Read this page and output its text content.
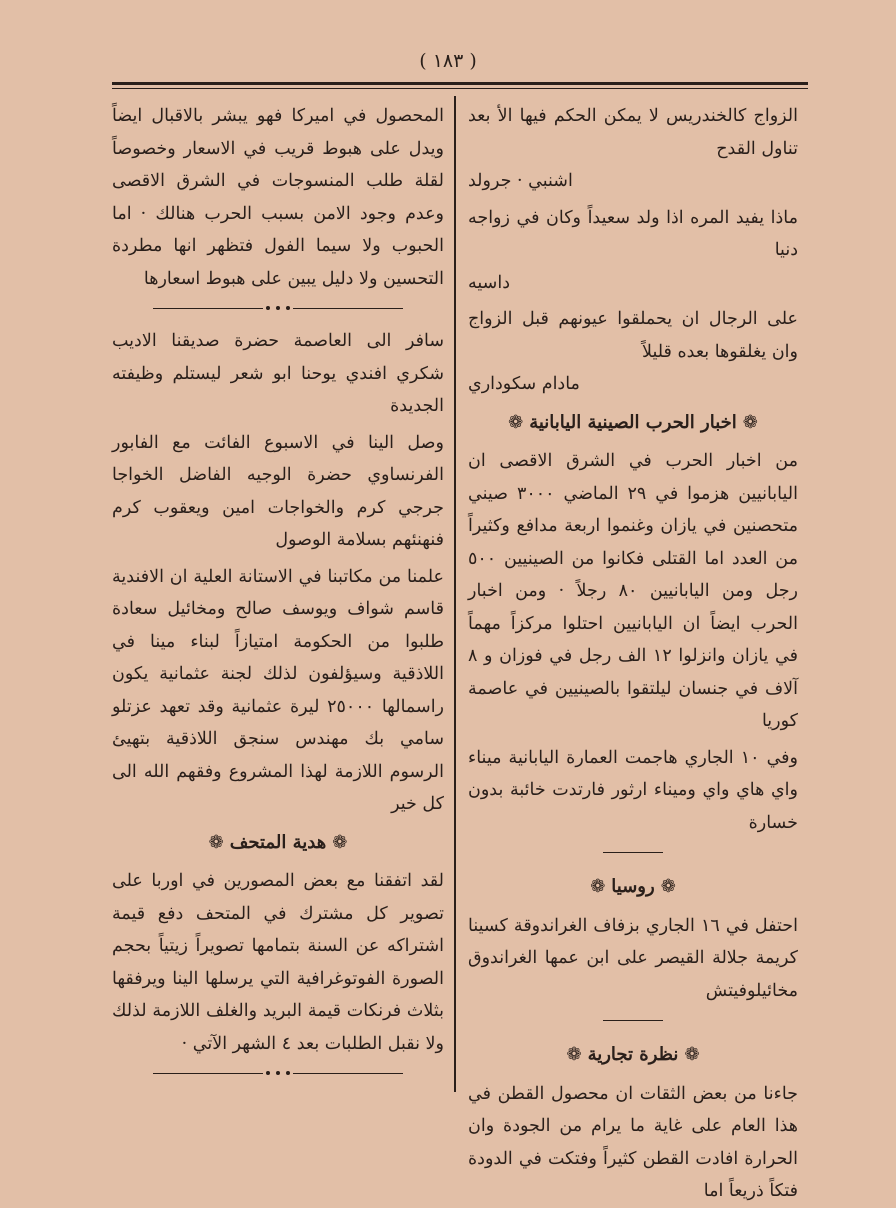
( ١٨٣ )

الزواج كالخندريس لا يمكن الحكم فيها الأ بعد تناول القدح
اشنبي · جرولد

ماذا يفيد المره اذا ولد سعيداً وكان في زواجه دنيا
داسيه

على الرجال ان يحملقوا عيونهم قبل الزواج وان يغلقوها بعده قليلاً
مادام سكوداري

❁اخبار الحرب الصينية اليابانية❁

من اخبار الحرب في الشرق الاقصى ان اليابانيين هزموا في ٢٩ الماضي ٣٠٠٠ صيني متحصنين في يازان وغنموا اربعة مدافع وكثيراً من العدد اما القتلى فكانوا من الصينيين ٥٠٠ رجل ومن اليابانيين ٨٠ رجلاً · ومن اخبار الحرب ايضاً ان اليابانيين احتلوا مركزاً مهماً في يازان وانزلوا ١٢ الف رجل في فوزان و ٨ آلاف في جنسان ليلتقوا بالصينيين في عاصمة كوريا

وفي ١٠ الجاري هاجمت العمارة اليابانية ميناء واي هاي واي وميناء ارثور فارتدت خائبة بدون خسارة

❁روسيا❁

احتفل في ١٦ الجاري بزفاف الغراندوقة كسينا كريمة جلالة القيصر على ابن عمها الغراندوق مخائيلوفيتش

❁نظرة تجارية❁

جاءنا من بعض الثقات ان محصول القطن في هذا العام على غاية ما يرام من الجودة وان الحرارة افادت القطن كثيراً وفتكت في الدودة فتكاً ذريعاً اما

المحصول في اميركا فهو يبشر بالاقبال ايضاً ويدل على هبوط قريب في الاسعار وخصوصاً لقلة طلب المنسوجات في الشرق الاقصى وعدم وجود الامن بسبب الحرب هنالك · اما الحبوب ولا سيما الفول فتظهر انها مطردة التحسين ولا دليل يبين على هبوط اسعارها

سافر الى العاصمة حضرة صديقنا الاديب شكري افندي يوحنا ابو شعر ليستلم وظيفته الجديدة

وصل الينا في الاسبوع الفائت مع الفابور الفرنساوي حضرة الوجيه الفاضل الخواجا جرجي كرم والخواجات امين ويعقوب كرم فنهنئهم بسلامة الوصول

علمنا من مكاتبنا في الاستانة العلية ان الافندية قاسم شواف ويوسف صالح ومخائيل سعادة طلبوا من الحكومة امتيازاً لبناء مينا في اللاذقية وسيؤلفون لذلك لجنة عثمانية يكون راسمالها ٢٥٠٠٠ ليرة عثمانية وقد تعهد عزتلو سامي بك مهندس سنجق اللاذقية بتهيئ الرسوم اللازمة لهذا المشروع وفقهم الله الى كل خير

❁هدية المتحف❁

لقد اتفقنا مع بعض المصورين في اوربا على تصوير كل مشترك في المتحف دفع قيمة اشتراكه عن السنة بتمامها تصويراً زيتياً بحجم الصورة الفوتوغرافية التي يرسلها الينا ويرفقها بثلاث فرنكات قيمة البريد والغلف اللازمة لذلك ولا نقبل الطلبات بعد ٤ الشهر الآتي ·
